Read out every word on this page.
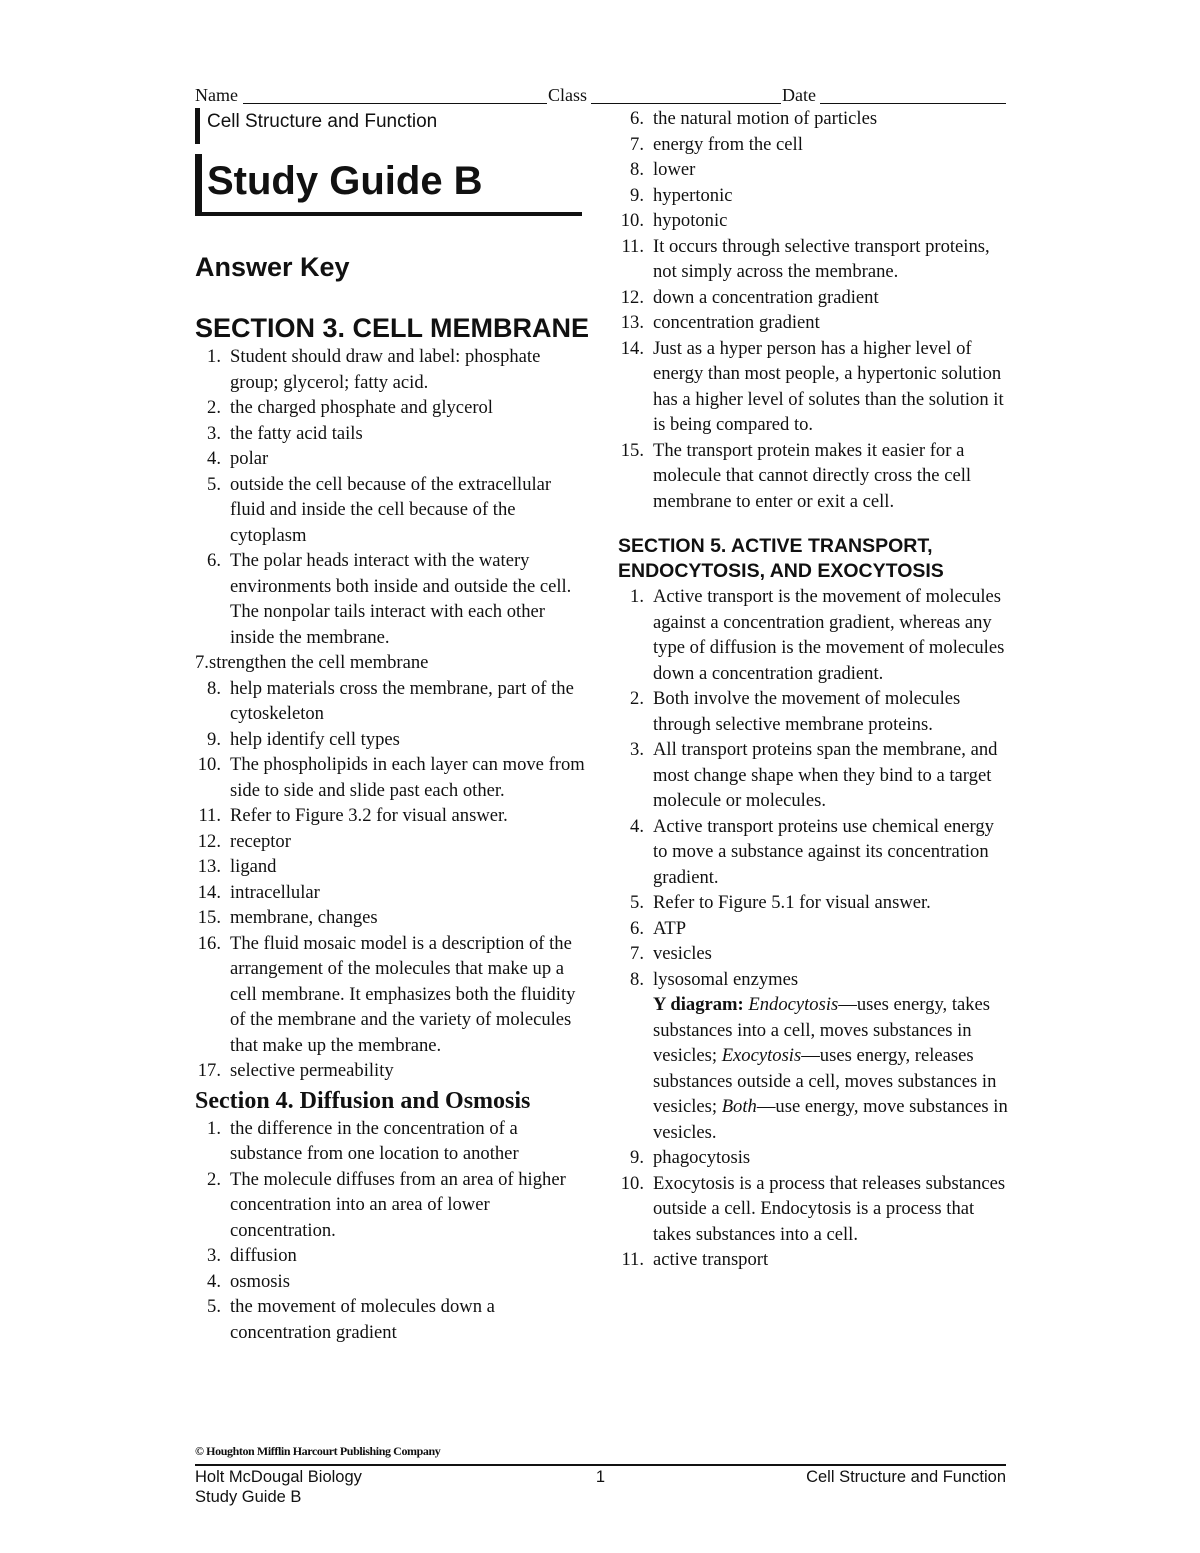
Name	Class	Date
Cell Structure and Function
Study Guide B
Answer Key
SECTION 3. CELL MEMBRANE
1. Student should draw and label: phosphate group; glycerol; fatty acid.
2. the charged phosphate and glycerol
3. the fatty acid tails
4. polar
5. outside the cell because of the extracellular fluid and inside the cell because of the cytoplasm
6. The polar heads interact with the watery environments both inside and outside the cell. The nonpolar tails interact with each other inside the membrane.
7.strengthen the cell membrane
8. help materials cross the membrane, part of the cytoskeleton
9. help identify cell types
10. The phospholipids in each layer can move from side to side and slide past each other.
11. Refer to Figure 3.2 for visual answer.
12. receptor
13. ligand
14. intracellular
15. membrane, changes
16. The fluid mosaic model is a description of the arrangement of the molecules that make up a cell membrane. It emphasizes both the fluidity of the membrane and the variety of molecules that make up the membrane.
17. selective permeability
Section 4. Diffusion and Osmosis
1. the difference in the concentration of a substance from one location to another
2. The molecule diffuses from an area of higher concentration into an area of lower concentration.
3. diffusion
4. osmosis
5. the movement of molecules down a concentration gradient
6. the natural motion of particles
7. energy from the cell
8. lower
9. hypertonic
10. hypotonic
11. It occurs through selective transport proteins, not simply across the membrane.
12. down a concentration gradient
13. concentration gradient
14. Just as a hyper person has a higher level of energy than most people, a hypertonic solution has a higher level of solutes than the solution it is being compared to.
15. The transport protein makes it easier for a molecule that cannot directly cross the cell membrane to enter or exit a cell.
SECTION 5. ACTIVE TRANSPORT, ENDOCYTOSIS, AND EXOCYTOSIS
1. Active transport is the movement of molecules against a concentration gradient, whereas any type of diffusion is the movement of molecules down a concentration gradient.
2. Both involve the movement of molecules through selective membrane proteins.
3. All transport proteins span the membrane, and most change shape when they bind to a target molecule or molecules.
4. Active transport proteins use chemical energy to move a substance against its concentration gradient.
5. Refer to Figure 5.1 for visual answer.
6. ATP
7. vesicles
8. lysosomal enzymes
Y diagram: Endocytosis—uses energy, takes substances into a cell, moves substances in vesicles; Exocytosis—uses energy, releases substances outside a cell, moves substances in vesicles; Both—use energy, move substances in vesicles.
9. phagocytosis
10. Exocytosis is a process that releases substances outside a cell. Endocytosis is a process that takes substances into a cell.
11. active transport
© Houghton Mifflin Harcourt Publishing Company
Holt McDougal Biology
Study Guide B
1	Cell Structure and Function
